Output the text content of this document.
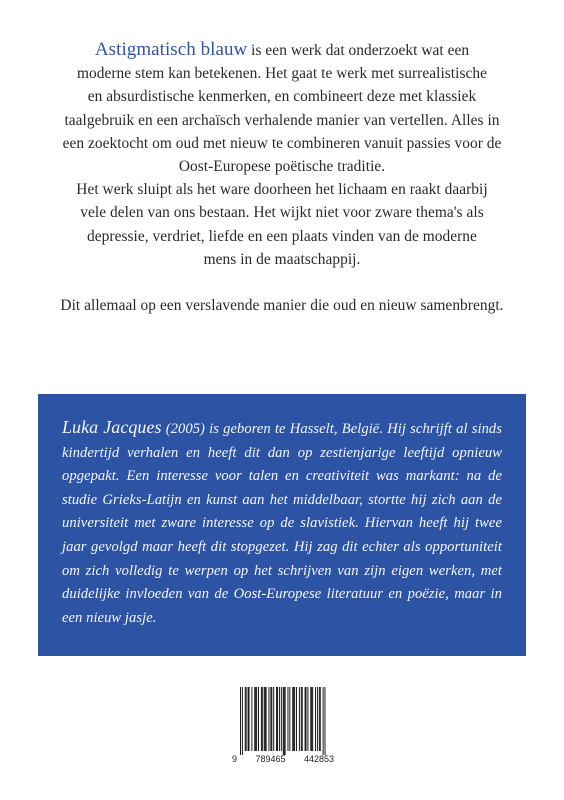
Astigmatisch blauw is een werk dat onderzoekt wat een

moderne stem kan betekenen. Het gaat te werk met surrealistische

en absurdistische kenmerken, en combineert deze met klassiek

taalgebruik en een archaïsch verhalende manier van vertellen. Alles in

een zoektocht om oud met nieuw te combineren vanuit passies voor de

Oost-Europese poëtische traditie.

Het werk sluipt als het ware doorheen het lichaam en raakt daarbij

vele delen van ons bestaan. Het wijkt niet voor zware thema's als

depressie, verdriet, liefde en een plaats vinden van de moderne

mens in de maatschappij.

Dit allemaal op een verslavende manier die oud en nieuw samenbrengt.

Luka Jacques (2005) is geboren te Hasselt, België. Hij schrijft al sinds kindertijd verhalen en heeft dit dan op zestienjarige leeftijd opnieuw opgepakt. Een interesse voor talen en creativiteit was markant: na de studie Grieks-Latijn en kunst aan het middelbaar, stortte hij zich aan de universiteit met zware interesse op de slavistiek. Hiervan heeft hij twee jaar gevolgd maar heeft dit stopgezet. Hij zag dit echter als opportuniteit om zich volledig te werpen op het schrijven van zijn eigen werken, met duidelijke invloeden van de Oost-Europese literatuur en poëzie, maar in een nieuw jasje.

9 789465 442853
